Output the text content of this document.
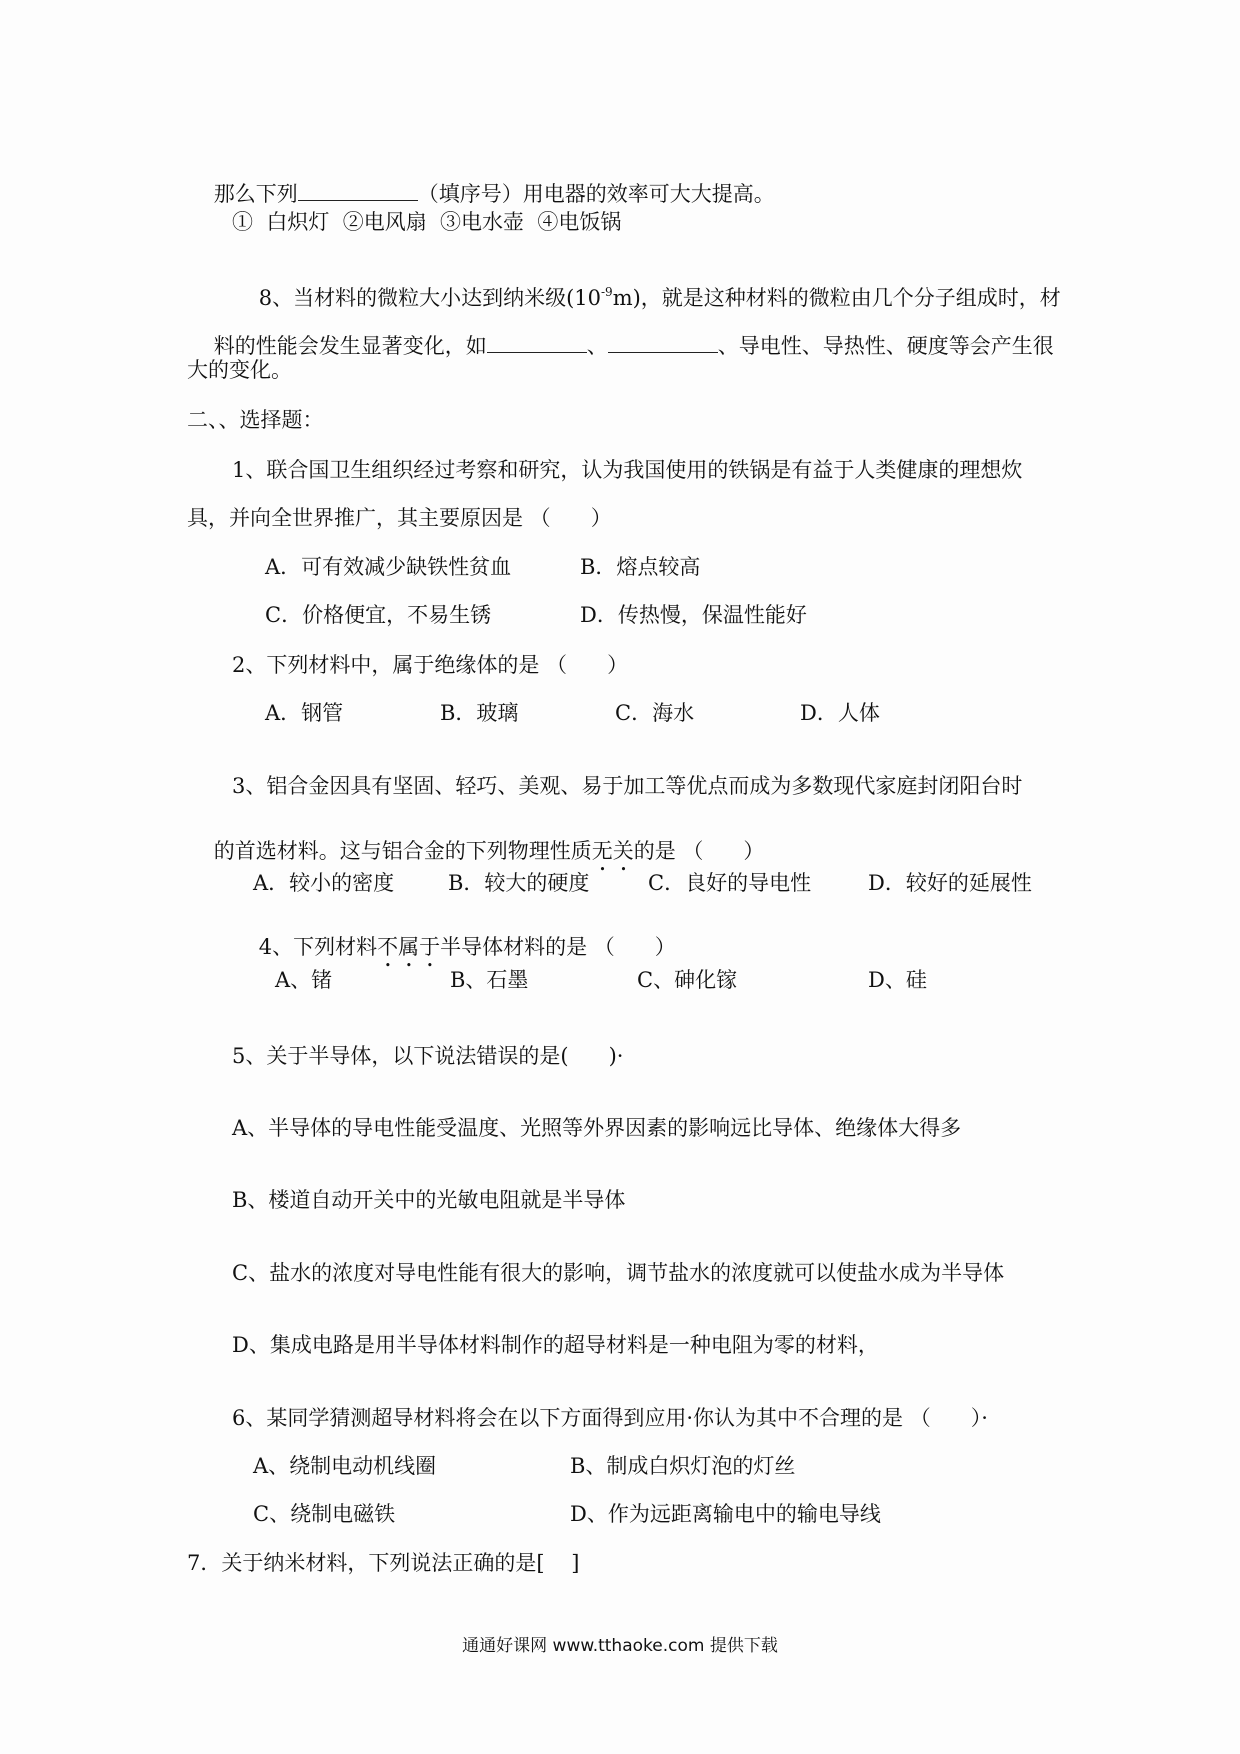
那么下列	（填序号）用电器的效率可大大提高。

①  白炽灯  ②电风扇  ③电水壶  ④电饭锅

8、当材料的微粒大小达到纳米级$(10^{-9}m)$，就是这种材料的微粒由几个分子组成时，材

料的性能会发生显著变化，如	、	、导电性、导热性、硬度等会产生很

大的变化。
二、、选择题：
1、联合国卫生组织经过考察和研究，认为我国使用的铁锅是有益于人类健康的理想炊
具，并向全世界推广，其主要原因是 （      ）
A．可有效减少缺铁性贫血	B．熔点较高
C．价格便宜，不易生锈	D．传热慢，保温性能好
2、下列材料中，属于绝缘体的是 （      ）
A．钢管	B．玻璃	C．海水	D．人体
3、铝合金因具有坚固、轻巧、美观、易于加工等优点而成为多数现代家庭封闭阳台时

的首选材料。这与铝合金的下列物理性质无关的是 （      ）

A．较小的密度	B．较大的硬度	C．良好的导电性	D．较好的延展性

4、下列材料不属于半导体材料的是 （      ）

A、锗	B、石墨	C、砷化镓	D、硅
5、关于半导体，以下说法错误的是(      )·
A、半导体的导电性能受温度、光照等外界因素的影响远比导体、绝缘体大得多
B、楼道自动开关中的光敏电阻就是半导体
C、盐水的浓度对导电性能有很大的影响，调节盐水的浓度就可以使盐水成为半导体
D、集成电路是用半导体材料制作的超导材料是一种电阻为零的材料，
6、某同学猜测超导材料将会在以下方面得到应用·你认为其中不合理的是 （      ）·
A、绕制电动机线圈	B、制成白炽灯泡的灯丝
C、绕制电磁铁	D、作为远距离输电中的输电导线
7．关于纳米材料，下列说法正确的是[    ]
通通好课网 www.tthaoke.com 提供下载
